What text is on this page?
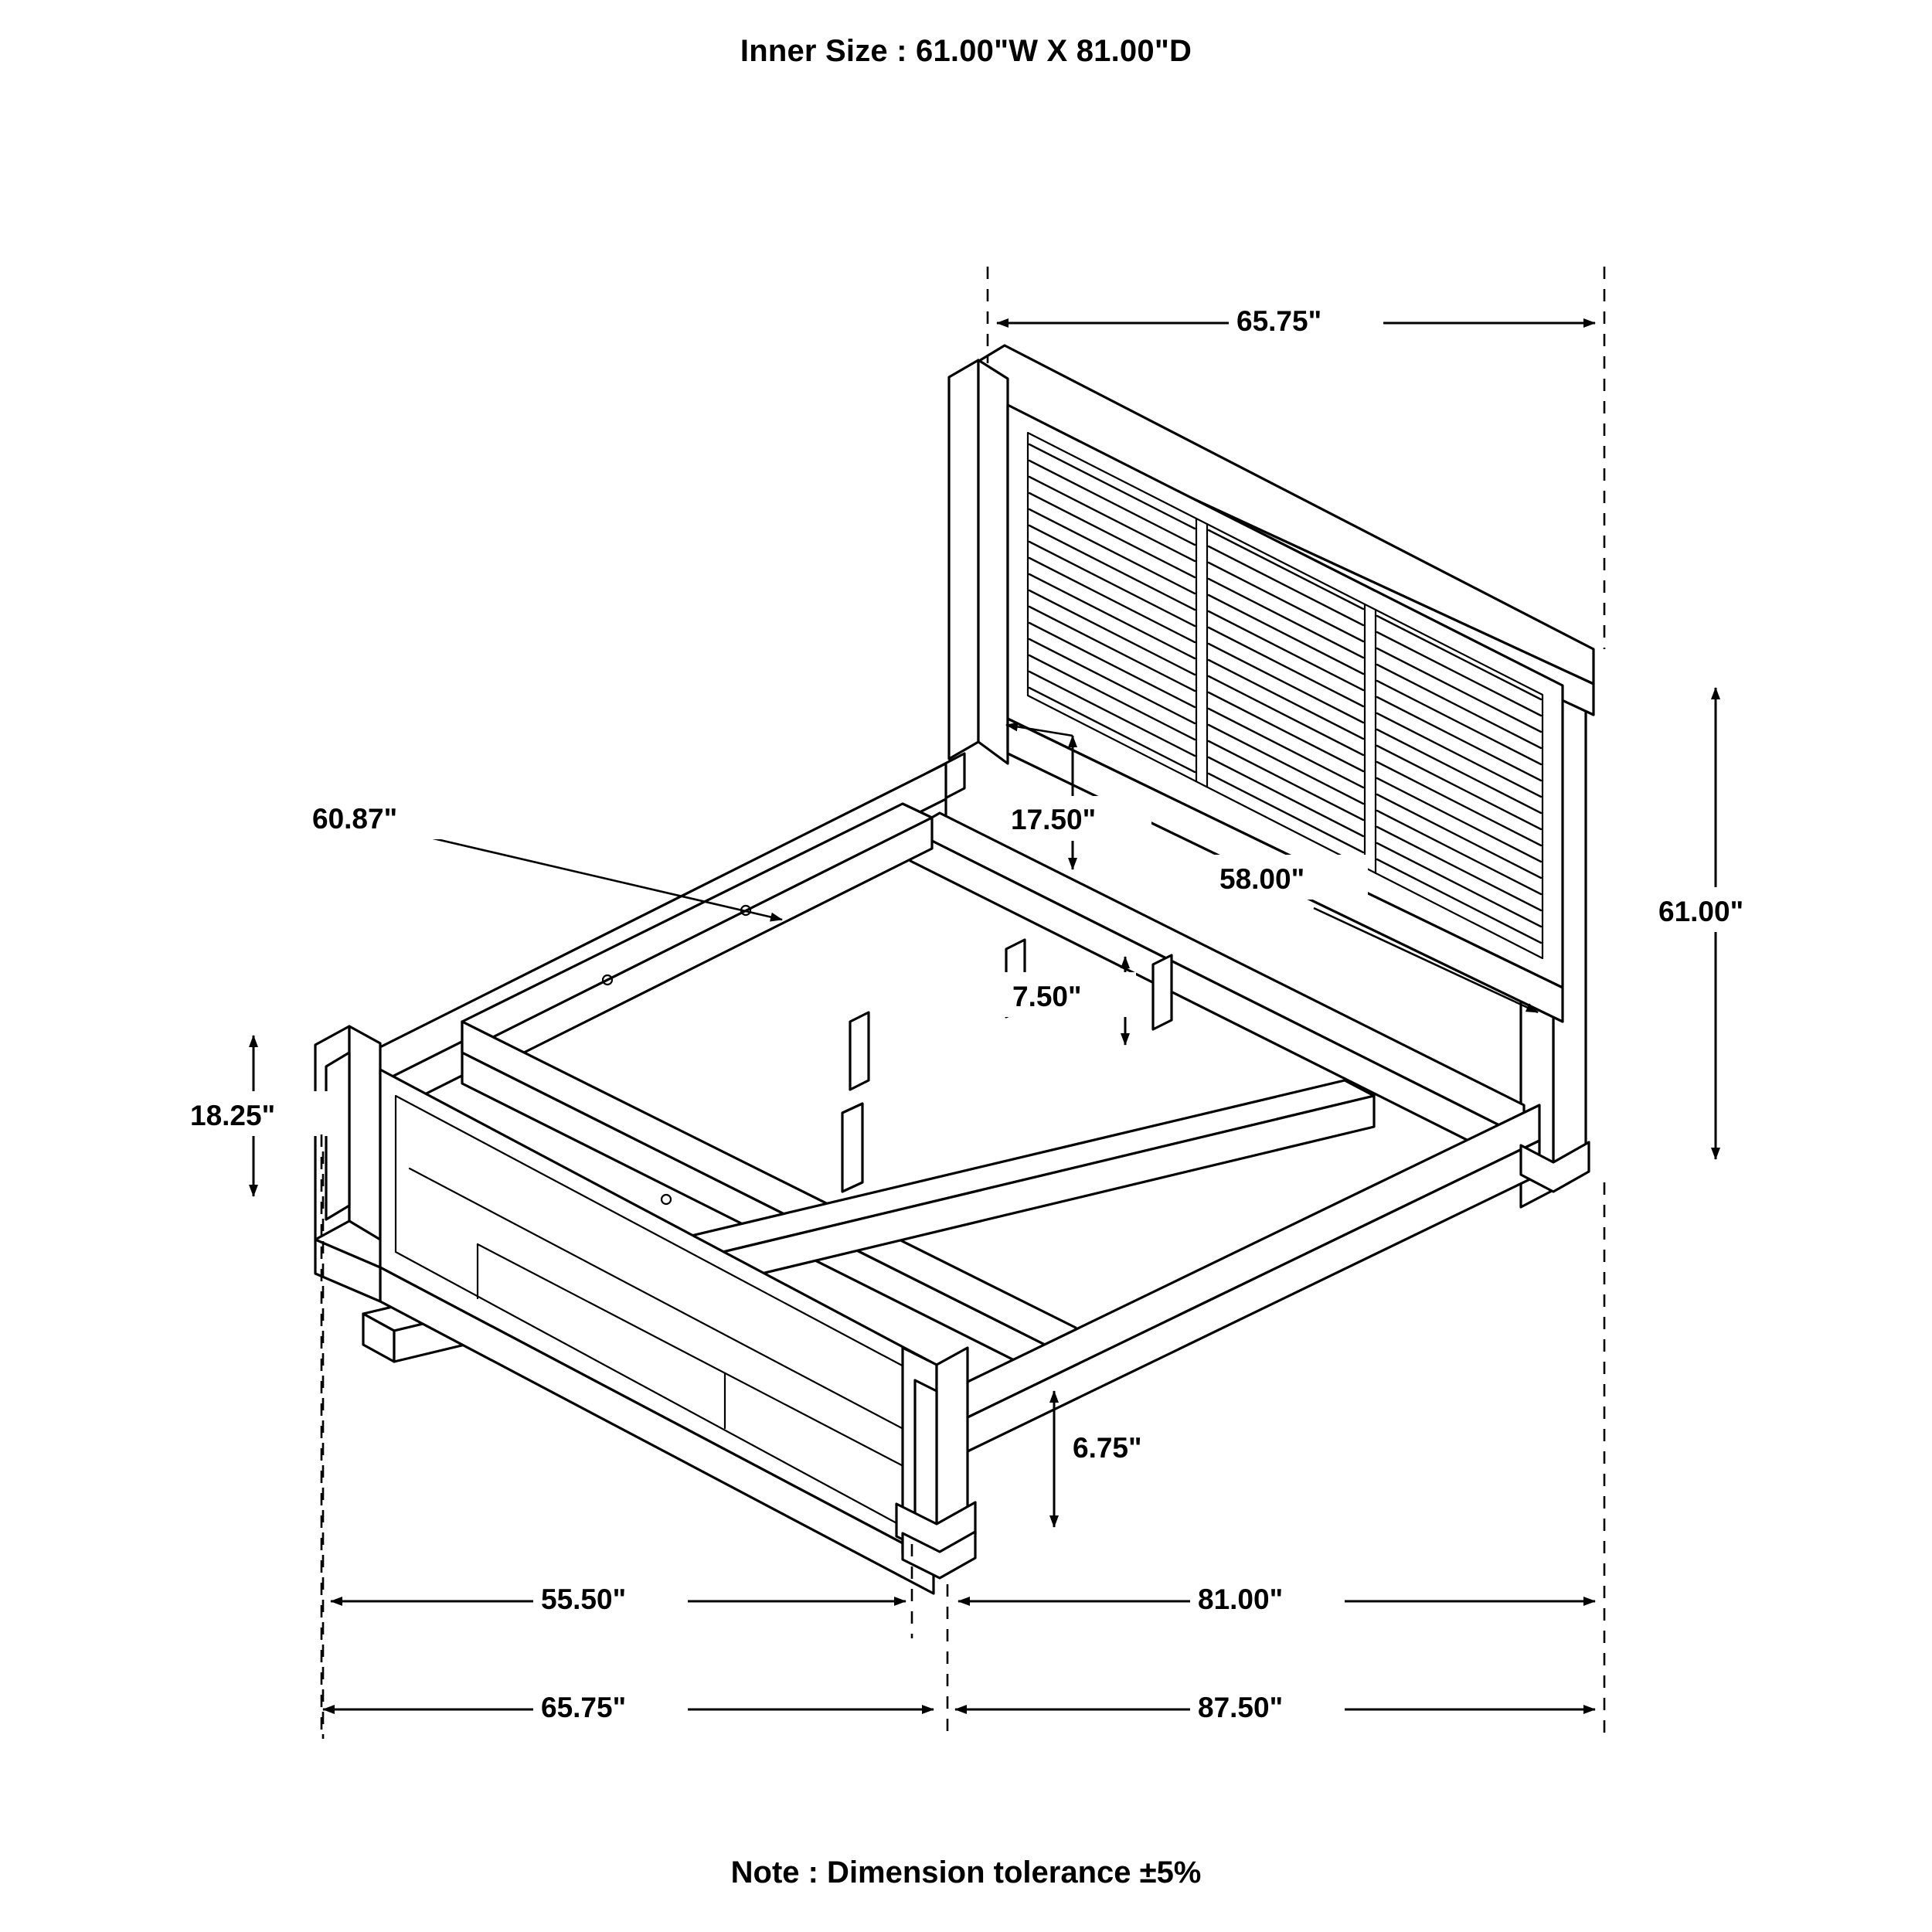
Inner Size : 61.00"W X 81.00"D
65.75"
17.50"
58.00"
61.00"
60.87"
7.50"
18.25"
6.75"
55.50"	81.00"
65.75"	87.50"
Note : Dimension tolerance ±5%
